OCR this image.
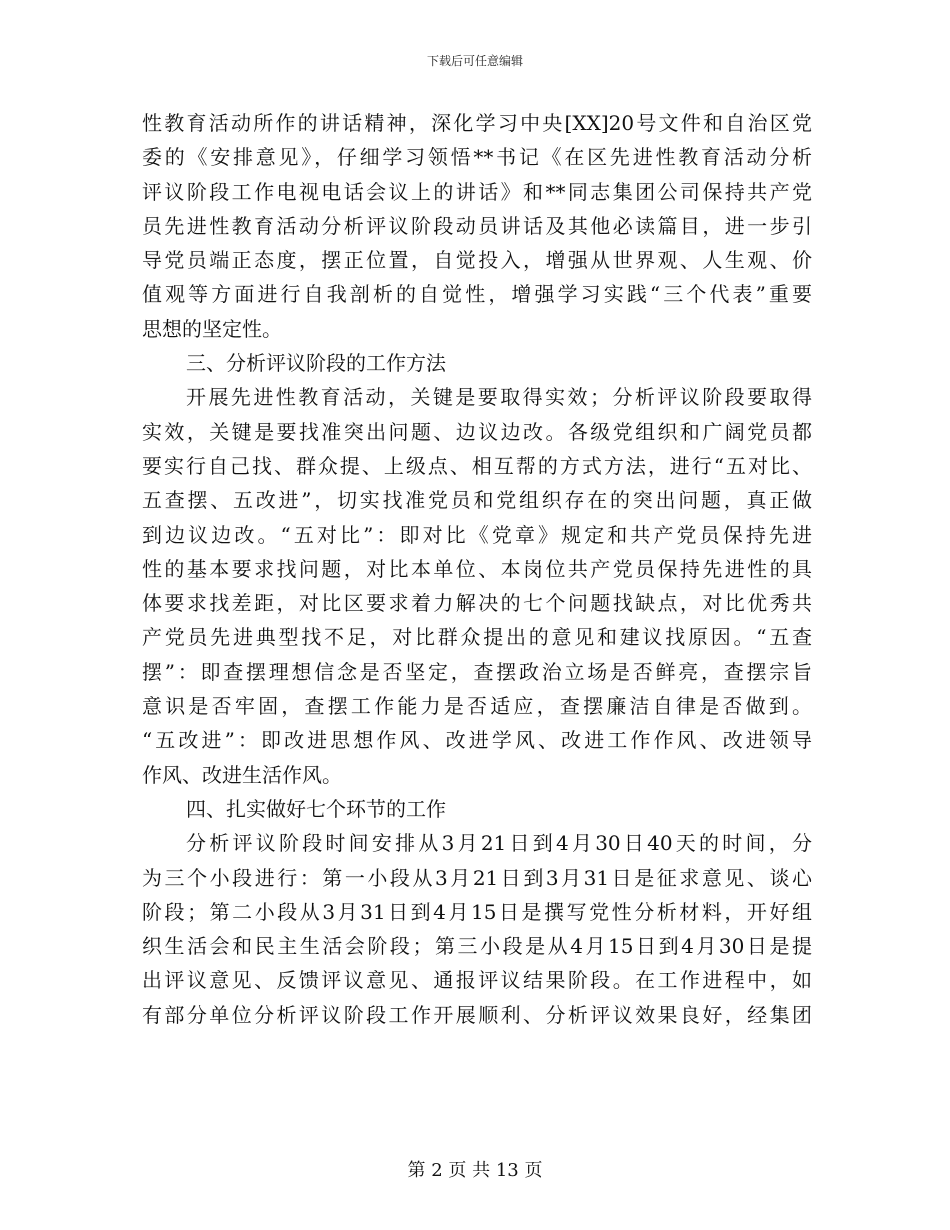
下载后可任意编辑
性教育活动所作的讲话精神，深化学习中央[XX]20号文件和自治区党
委的《安排意见》，仔细学习领悟**书记《在区先进性教育活动分析
评议阶段工作电视电话会议上的讲话》和**同志集团公司保持共产党
员先进性教育活动分析评议阶段动员讲话及其他必读篇目，进一步引
导党员端正态度，摆正位置，自觉投入，增强从世界观、人生观、价
值观等方面进行自我剖析的自觉性，增强学习实践“三个代表”重要
思想的坚定性。
三、分析评议阶段的工作方法
开展先进性教育活动，关键是要取得实效；分析评议阶段要取得
实效，关键是要找准突出问题、边议边改。各级党组织和广阔党员都
要实行自己找、群众提、上级点、相互帮的方式方法，进行“五对比、
五查摆、五改进”，切实找准党员和党组织存在的突出问题，真正做
到边议边改。“五对比”：即对比《党章》规定和共产党员保持先进
性的基本要求找问题，对比本单位、本岗位共产党员保持先进性的具
体要求找差距，对比区要求着力解决的七个问题找缺点，对比优秀共
产党员先进典型找不足，对比群众提出的意见和建议找原因。“五查
摆”：即查摆理想信念是否坚定，查摆政治立场是否鲜亮，查摆宗旨
意识是否牢固，查摆工作能力是否适应，查摆廉洁自律是否做到。
“五改进”：即改进思想作风、改进学风、改进工作作风、改进领导
作风、改进生活作风。
四、扎实做好七个环节的工作
分析评议阶段时间安排从3月21日到4月30日40天的时间，分
为三个小段进行：第一小段从3月21日到3月31日是征求意见、谈心
阶段；第二小段从3月31日到4月15日是撰写党性分析材料，开好组
织生活会和民主生活会阶段；第三小段是从4月15日到4月30日是提
出评议意见、反馈评议意见、通报评议结果阶段。在工作进程中，如
有部分单位分析评议阶段工作开展顺利、分析评议效果良好，经集团
第 2 页 共 13 页
